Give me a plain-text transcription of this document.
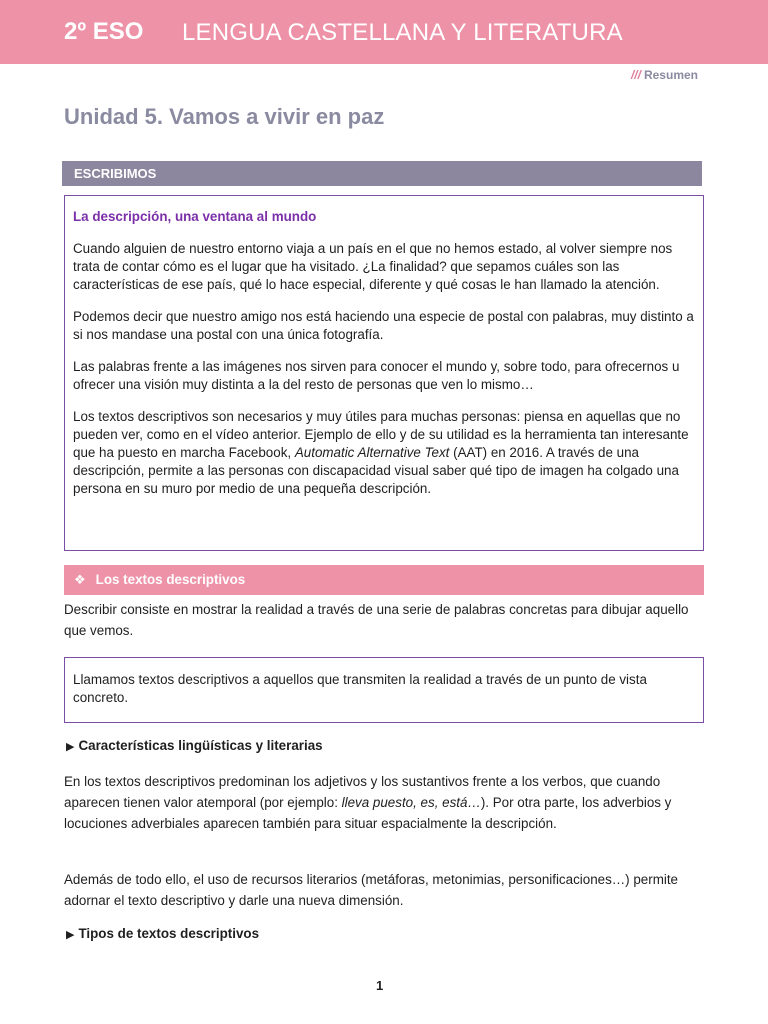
2º ESO LENGUA CASTELLANA Y LITERATURA
/// Resumen
Unidad 5. Vamos a vivir en paz
ESCRIBIMOS
La descripción, una ventana al mundo

Cuando alguien de nuestro entorno viaja a un país en el que no hemos estado, al volver siempre nos trata de contar cómo es el lugar que ha visitado. ¿La finalidad? que sepamos cuáles son las características de ese país, qué lo hace especial, diferente y qué cosas le han llamado la atención.

Podemos decir que nuestro amigo nos está haciendo una especie de postal con palabras, muy distinto a si nos mandase una postal con una única fotografía.

Las palabras frente a las imágenes nos sirven para conocer el mundo y, sobre todo, para ofrecernos u ofrecer una visión muy distinta a la del resto de personas que ven lo mismo…

Los textos descriptivos son necesarios y muy útiles para muchas personas: piensa en aquellas que no pueden ver, como en el vídeo anterior. Ejemplo de ello y de su utilidad es la herramienta tan interesante que ha puesto en marcha Facebook, Automatic Alternative Text (AAT) en 2016. A través de una descripción, permite a las personas con discapacidad visual saber qué tipo de imagen ha colgado una persona en su muro por medio de una pequeña descripción.

❖ Los textos descriptivos

Describir consiste en mostrar la realidad a través de una serie de palabras concretas para dibujar aquello que vemos.

Llamamos textos descriptivos a aquellos que transmiten la realidad a través de un punto de vista concreto.

▶ Características lingüísticas y literarias

En los textos descriptivos predominan los adjetivos y los sustantivos frente a los verbos, que cuando aparecen tienen valor atemporal (por ejemplo: lleva puesto, es, está…). Por otra parte, los adverbios y locuciones adverbiales aparecen también para situar espacialmente la descripción.

Además de todo ello, el uso de recursos literarios (metáforas, metonimias, personificaciones…) permite adornar el texto descriptivo y darle una nueva dimensión.

▶ Tipos de textos descriptivos
1
